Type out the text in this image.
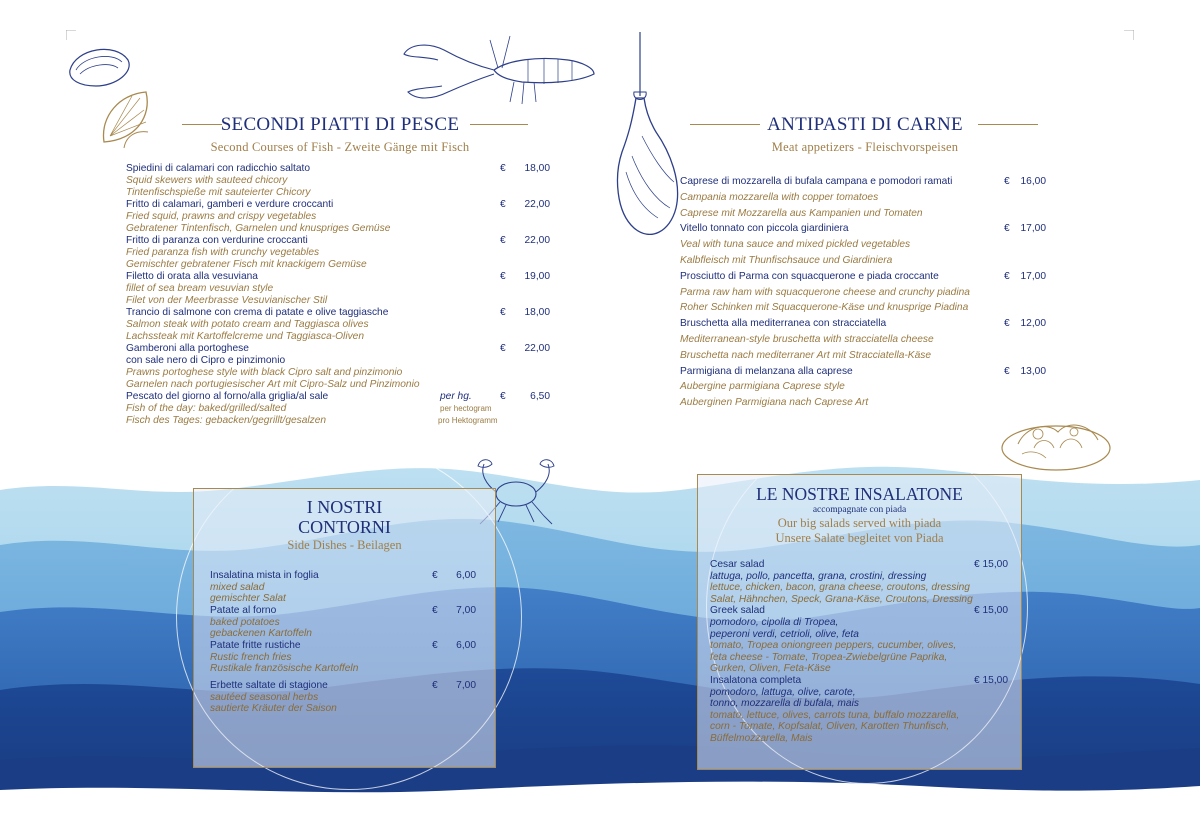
SECONDI PIATTI DI PESCE
Second Courses of Fish - Zweite Gänge mit Fisch
Spiedini di calamari con radicchio saltato
Squid skewers with sauteed chicory
Tintenfischspieße mit sauteierter Chicory
€	18,00
Fritto di calamari, gamberi e verdure croccanti
Fried squid, prawns and crispy vegetables
Gebratener Tintenfisch, Garnelen und knuspriges Gemüse
€	22,00
Fritto di paranza con verdurine croccanti
Fried paranza fish with crunchy vegetables
Gemischter gebratener Fisch mit knackigem Gemüse
€	22,00
Filetto di orata alla vesuviana
fillet of sea bream vesuvian style
Filet von der Meerbrasse Vesuvianischer Stil
€	19,00
Trancio di salmone con crema di patate e olive taggiasche
Salmon steak with potato cream and Taggiasca olives
Lachssteak mit Kartoffelcreme und Taggiasca-Oliven
€	18,00
Gamberoni alla portoghese
con sale nero di Cipro e pinzimonio
Prawns portoghese style with black Cipro salt and pinzimonio
Garnelen nach portugiesischer Art mit Cipro-Salz und Pinzimonio
€	22,00
Pescato del giorno al forno/alla griglia/al sale
Fish of the day: baked/grilled/salted
Fisch des Tages: gebacken/gegrillt/gesalzen
per hg.
per hectogram
pro Hektogramm
€	6,50
ANTIPASTI DI CARNE
Meat appetizers - Fleischvorspeisen
Caprese di mozzarella di bufala campana e pomodori ramati
Campania mozzarella with copper tomatoes
Caprese mit Mozzarella aus Kampanien und Tomaten
€	16,00
Vitello tonnato con piccola giardiniera
Veal with tuna sauce and mixed pickled vegetables
Kalbfleisch mit Thunfischsauce und Giardiniera
€	17,00
Prosciutto di Parma con squacquerone e piada croccante
Parma raw ham with squacquerone cheese and crunchy piadina
Roher Schinken mit Squacquerone-Käse und knusprige Piadina
€	17,00
Bruschetta alla mediterranea con stracciatella
Mediterranean-style bruschetta with stracciatella cheese
Bruschetta nach mediterraner Art mit Stracciatella-Käse
€	12,00
Parmigiana di melanzana alla caprese
Aubergine parmigiana Caprese style
Auberginen Parmigiana nach Caprese Art
€	13,00
I NOSTRI
CONTORNI
Side Dishes - Beilagen
Insalatina mista in foglia
mixed salad
gemischter Salat
€	6,00
Patate al forno
baked potatoes
gebackenen Kartoffeln
€	7,00
Patate fritte rustiche
Rustic french fries
Rustikale französische Kartoffeln
€	6,00
Erbette saltate di stagione
sautéed seasonal herbs
sautierte Kräuter der Saison
€	7,00
LE NOSTRE INSALATONE
accompagnate con piada
Our big salads served with piada
Unsere Salate begleitet von Piada
Cesar salad
lattuga, pollo, pancetta, grana, crostini, dressing
lettuce, chicken, bacon, grana cheese, croutons, dressing
Salat, Hähnchen, Speck, Grana-Käse, Croutons, Dressing
€ 15,00
Greek salad
pomodoro, cipolla di Tropea,
peperoni verdi, cetrioli, olive, feta
tomato, Tropea oniongreen peppers, cucumber, olives,
feta cheese - Tomate, Tropea-Zwiebelgrüne Paprika,
Gurken, Oliven, Feta-Käse
€ 15,00
Insalatona completa
pomodoro, lattuga, olive, carote,
tonno, mozzarella di bufala, mais
tomato, lettuce, olives, carrots tuna, buffalo mozzarella,
corn - Tomate, Kopfsalat, Oliven, Karotten Thunfisch,
Büffelmozzarella, Mais
€ 15,00
